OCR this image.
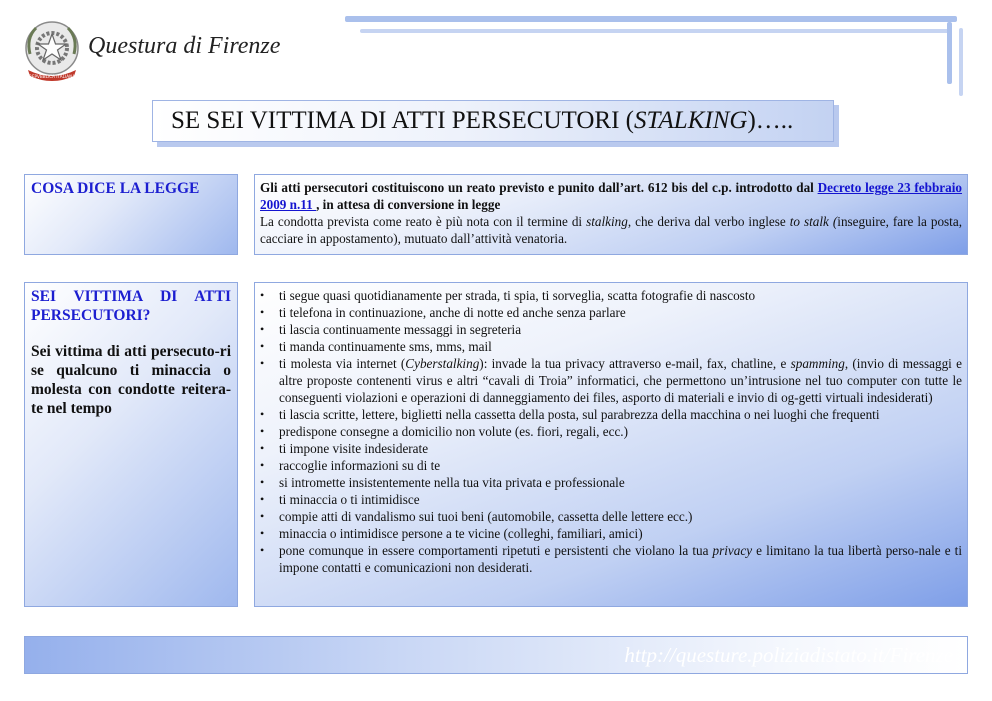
REPVBBLICA ITALIANA
Questura di Firenze
SE SEI VITTIMA DI ATTI PERSECUTORI ( STALKING )…..
COSA DICE LA LEGGE	Gli atti persecutori costituiscono un reato previsto e punito dall’art. 612 bis del c.p. introdotto dal Decreto legge 23 febbraio 2009 n.11 , in attesa di conversione in legge
La condotta prevista come reato è più nota con il termine di stalking, che deriva dal verbo inglese to stalk (inseguire, fare la posta, cacciare in appostamento), mutuato dall’attività venatoria.
SEI VITTIMA DI ATTI PERSECUTORI?
Sei vittima di atti persecuto-ri se qualcuno ti minaccia o molesta con condotte reitera-te nel tempo
• ti segue quasi quotidianamente per strada, ti spia, ti sorveglia, scatta fotografie di nascosto
• ti telefona in continuazione, anche di notte ed anche senza parlare
• ti lascia continuamente messaggi in segreteria
• ti manda continuamente sms, mms, mail
• ti molesta via internet (Cyberstalking): invade la tua privacy attraverso e-mail, fax, chatline, e spamming, (invio di messaggi e altre proposte contenenti virus e altri “cavali di Troia” informatici, che permettono un’intrusione nel tuo computer con tutte le conseguenti violazioni e operazioni di danneggiamento dei files, asporto di materiali e invio di og-getti virtuali indesiderati)
• ti lascia scritte, lettere, biglietti nella cassetta della posta, sul parabrezza della macchina o nei luoghi che frequenti
• predispone consegne a domicilio non volute (es. fiori, regali, ecc.)
• ti impone visite indesiderate
• raccoglie informazioni su di te
• si intromette insistentemente nella tua vita privata e professionale
• ti minaccia o ti intimidisce
• compie atti di vandalismo sui tuoi beni (automobile, cassetta delle lettere ecc.)
• minaccia o intimidisce persone a te vicine (colleghi, familiari, amici)
• pone comunque in essere comportamenti ripetuti e persistenti che violano la tua privacy e limitano la tua libertà perso-nale e ti impone contatti e comunicazioni non desiderati.
http://questure.poliziadistato.it/Firenze
